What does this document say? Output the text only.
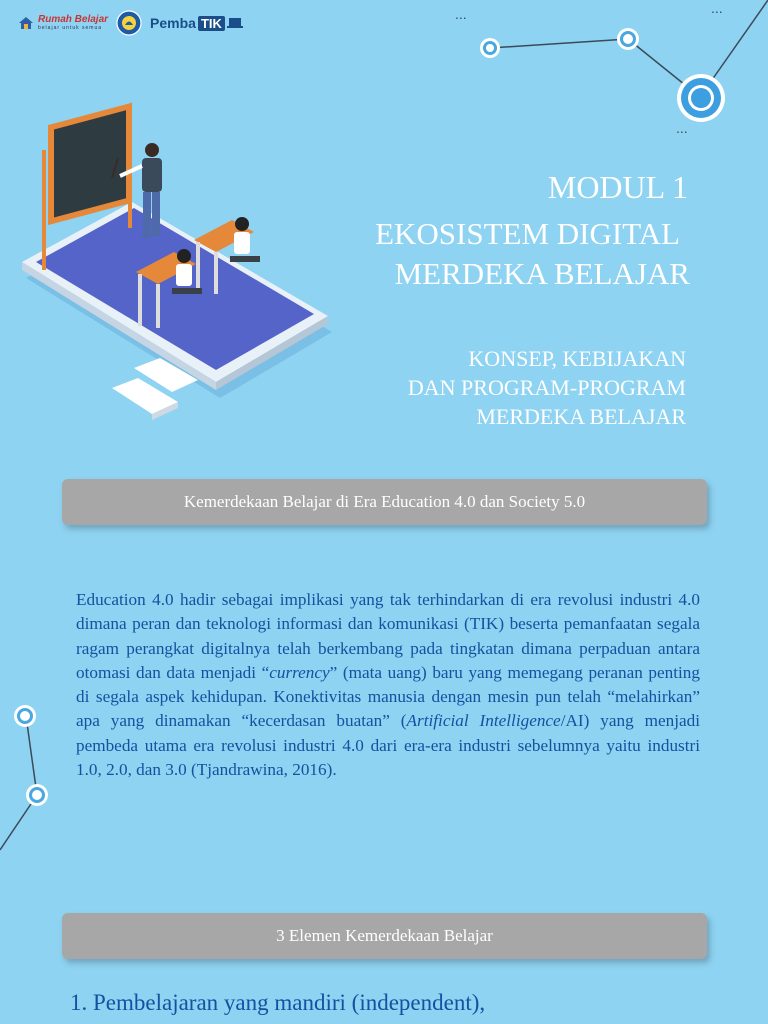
Rumah Belajar
belajar untuk semua	Pemba TIK
...	...
...
MODUL 1
EKOSISTEM DIGITAL
MERDEKA BELAJAR
KONSEP, KEBIJAKAN
DAN PROGRAM-PROGRAM
MERDEKA BELAJAR
Kemerdekaan Belajar di Era Education 4.0 dan Society 5.0

Education 4.0 hadir sebagai implikasi yang tak terhindarkan di era revolusi industri 4.0 dimana peran dan teknologi informasi dan komunikasi (TIK) beserta pemanfaatan segala ragam perangkat digitalnya telah berkembang pada tingkatan dimana perpaduan antara otomasi dan data menjadi “currency” (mata uang) baru yang memegang peranan penting di segala aspek kehidupan. Konektivitas manusia dengan mesin pun telah “melahirkan” apa yang dinamakan “kecerdasan buatan” (Artificial Intelligence/AI) yang menjadi pembeda utama era revolusi industri 4.0 dari era-era industri sebelumnya yaitu industri 1.0, 2.0, dan 3.0 (Tjandrawina, 2016).

3 Elemen Kemerdekaan Belajar
1. Pembelajaran yang mandiri (independent),
